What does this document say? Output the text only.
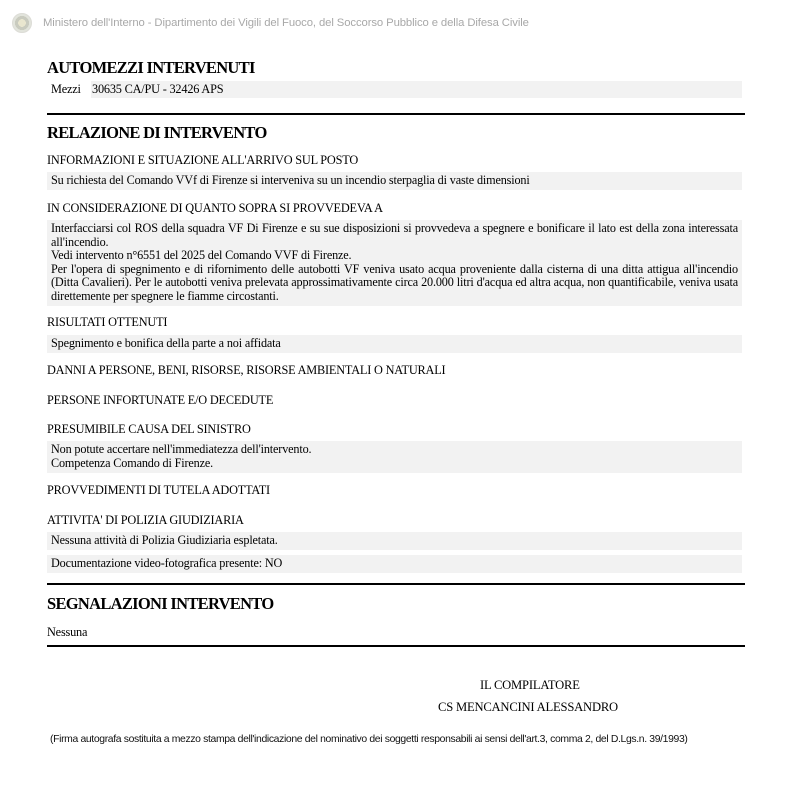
Ministero dell'Interno - Dipartimento dei Vigili del Fuoco, del Soccorso Pubblico e della Difesa Civile
AUTOMEZZI INTERVENUTI
Mezzi 30635 CA/PU - 32426 APS
RELAZIONE DI INTERVENTO
INFORMAZIONI E SITUAZIONE ALL'ARRIVO SUL POSTO
Su richiesta del Comando VVf di Firenze si interveniva su un incendio sterpaglia di vaste dimensioni
IN CONSIDERAZIONE DI QUANTO SOPRA SI PROVVEDEVA A
Interfacciarsi col ROS della squadra VF Di Firenze e su sue disposizioni si provvedeva a spegnere e bonificare il lato est della zona interessata all'incendio.
Vedi intervento n°6551 del 2025 del Comando VVF di Firenze.
Per l'opera di spegnimento e di rifornimento delle autobotti VF veniva usato acqua proveniente dalla cisterna di una ditta attigua all'incendio (Ditta Cavalieri). Per le autobotti veniva prelevata approssimativamente circa 20.000 litri d'acqua ed altra acqua, non quantificabile, veniva usata direttemente per spegnere le fiamme circostanti.
RISULTATI OTTENUTI
Spegnimento e bonifica della parte a noi affidata
DANNI A PERSONE, BENI, RISORSE, RISORSE AMBIENTALI O NATURALI
PERSONE INFORTUNATE E/O DECEDUTE
PRESUMIBILE CAUSA DEL SINISTRO
Non potute accertare nell'immediatezza dell'intervento.
Competenza Comando di Firenze.
PROVVEDIMENTI DI TUTELA ADOTTATI
ATTIVITA' DI POLIZIA GIUDIZIARIA
Nessuna attività di Polizia Giudiziaria espletata.
Documentazione video-fotografica presente: NO
SEGNALAZIONI INTERVENTO
Nessuna
IL COMPILATORE
CS MENCANCINI ALESSANDRO
(Firma autografa sostituita a mezzo stampa dell'indicazione del nominativo dei soggetti responsabili ai sensi dell'art.3, comma 2, del D.Lgs.n. 39/1993)
